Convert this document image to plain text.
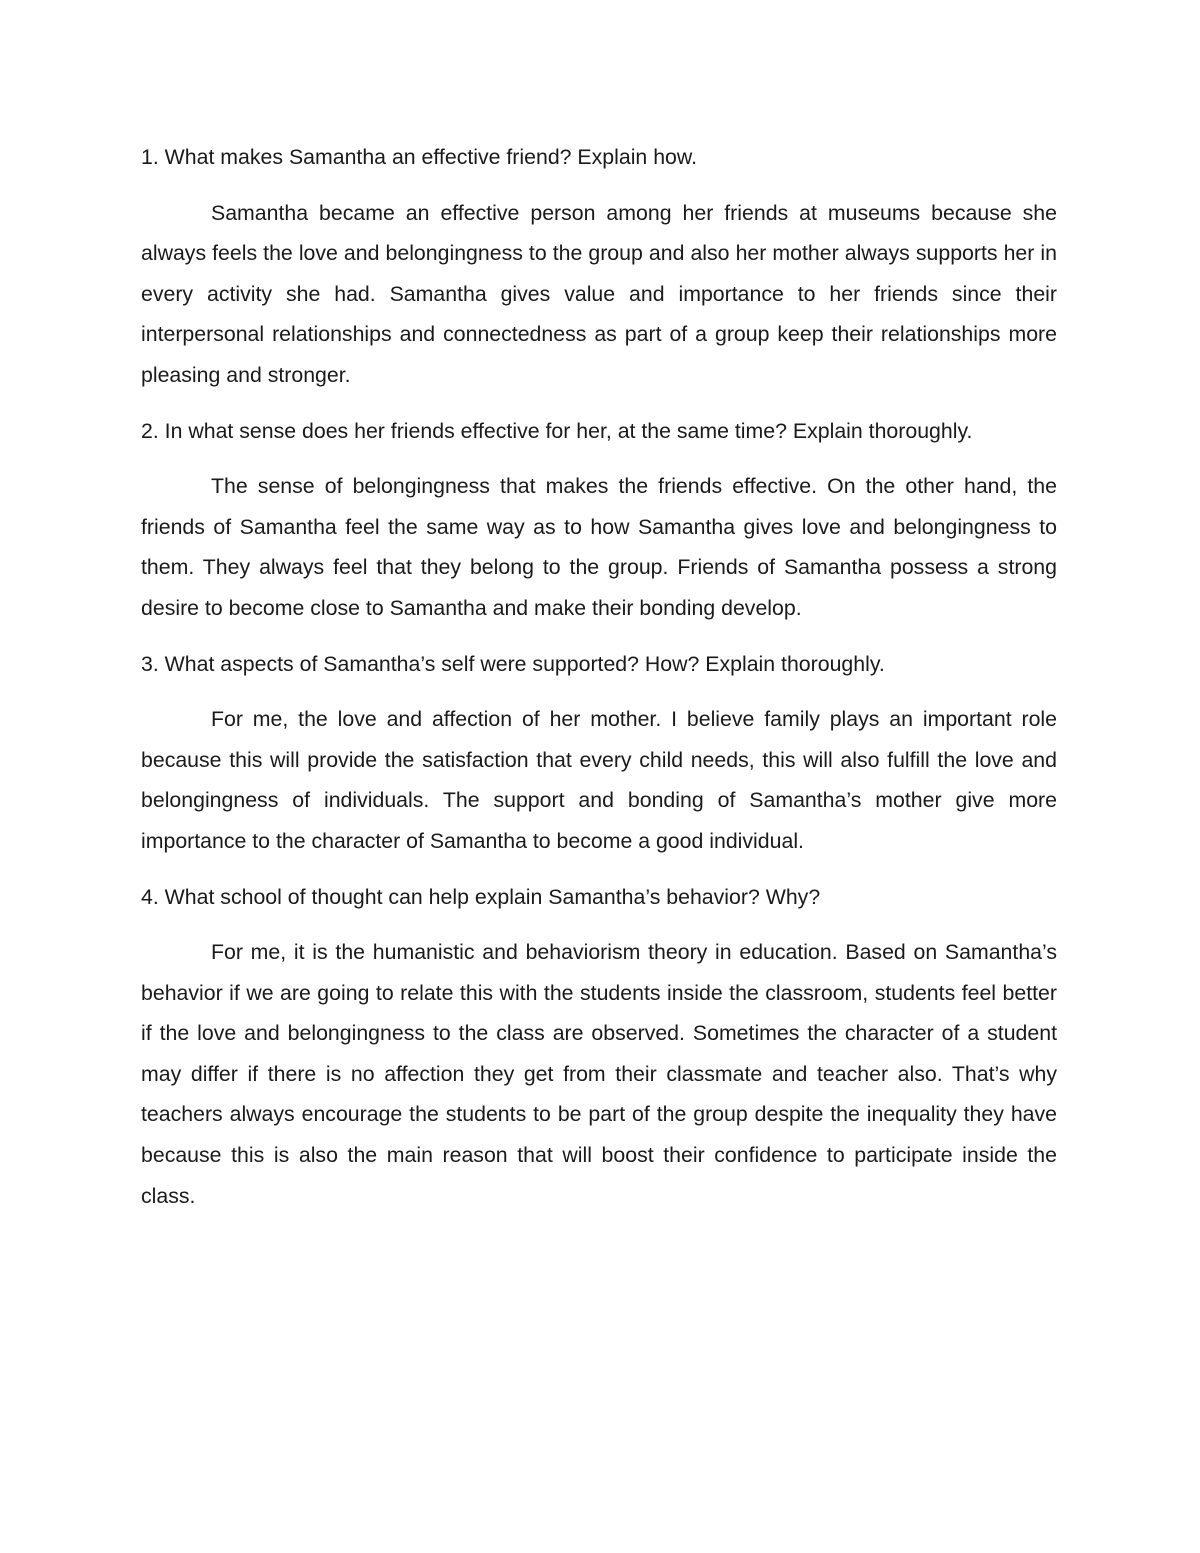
1. What makes Samantha an effective friend? Explain how.

Samantha became an effective person among her friends at museums because she always feels the love and belongingness to the group and also her mother always supports her in every activity she had. Samantha gives value and importance to her friends since their interpersonal relationships and connectedness as part of a group keep their relationships more pleasing and stronger.

2. In what sense does her friends effective for her, at the same time? Explain thoroughly.

The sense of belongingness that makes the friends effective. On the other hand, the friends of Samantha feel the same way as to how Samantha gives love and belongingness to them. They always feel that they belong to the group. Friends of Samantha possess a strong desire to become close to Samantha and make their bonding develop.

3. What aspects of Samantha’s self were supported? How? Explain thoroughly.

For me, the love and affection of her mother. I believe family plays an important role because this will provide the satisfaction that every child needs, this will also fulfill the love and belongingness of individuals. The support and bonding of Samantha’s mother give more importance to the character of Samantha to become a good individual.

4. What school of thought can help explain Samantha’s behavior? Why?

For me, it is the humanistic and behaviorism theory in education. Based on Samantha’s behavior if we are going to relate this with the students inside the classroom, students feel better if the love and belongingness to the class are observed. Sometimes the character of a student may differ if there is no affection they get from their classmate and teacher also. That’s why teachers always encourage the students to be part of the group despite the inequality they have because this is also the main reason that will boost their confidence to participate inside the class.
